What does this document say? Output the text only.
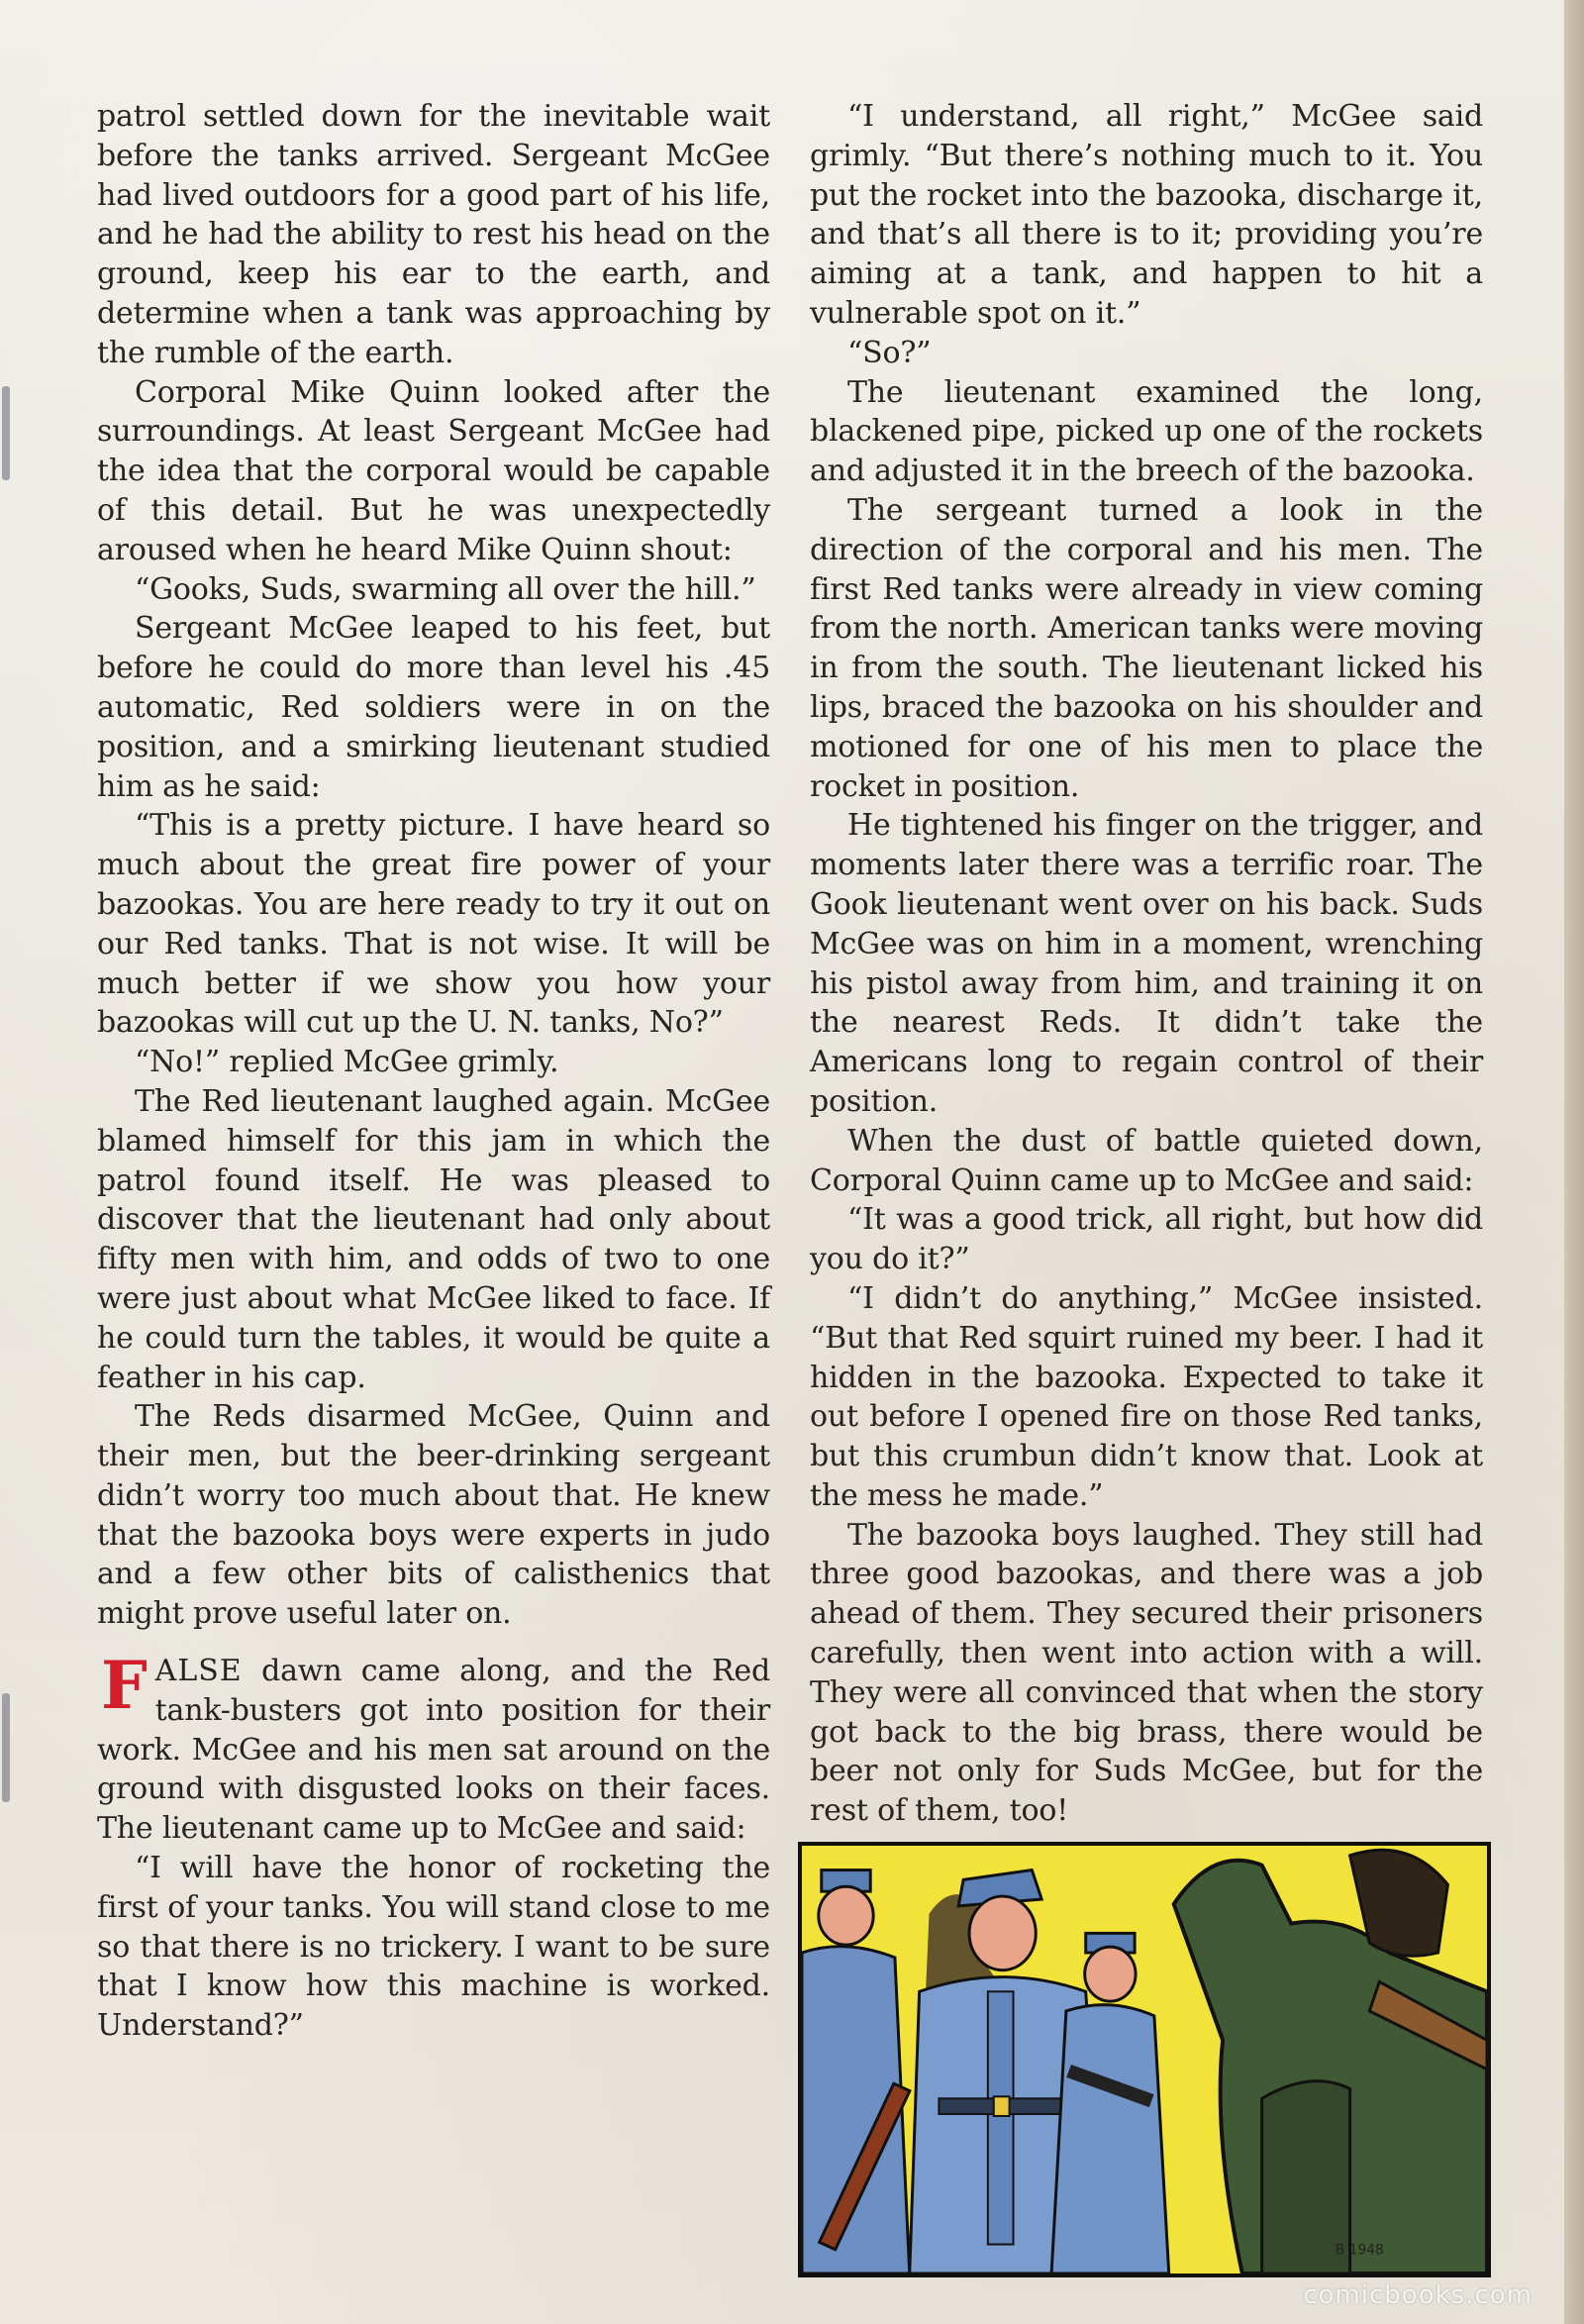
patrol settled down for the inevitable wait before the tanks arrived. Sergeant McGee had lived outdoors for a good part of his life, and he had the ability to rest his head on the ground, keep his ear to the earth, and determine when a tank was approaching by the rumble of the earth.

Corporal Mike Quinn looked after the surroundings. At least Sergeant McGee had the idea that the corporal would be capable of this detail. But he was unexpectedly aroused when he heard Mike Quinn shout:

“Gooks, Suds, swarming all over the hill.”

Sergeant McGee leaped to his feet, but before he could do more than level his .45 automatic, Red soldiers were in on the position, and a smirking lieutenant studied him as he said:

“This is a pretty picture. I have heard so much about the great fire power of your bazookas. You are here ready to try it out on our Red tanks. That is not wise. It will be much better if we show you how your bazookas will cut up the U. N. tanks, No?”

“No!” replied McGee grimly.

The Red lieutenant laughed again. McGee blamed himself for this jam in which the patrol found itself. He was pleased to discover that the lieutenant had only about fifty men with him, and odds of two to one were just about what McGee liked to face. If he could turn the tables, it would be quite a feather in his cap.

The Reds disarmed McGee, Quinn and their men, but the beer-drinking sergeant didn’t worry too much about that. He knew that the bazooka boys were experts in judo and a few other bits of calisthenics that might prove useful later on.

FALSE dawn came along, and the Red tank-busters got into position for their work. McGee and his men sat around on the ground with disgusted looks on their faces. The lieutenant came up to McGee and said:

“I will have the honor of rocketing the first of your tanks. You will stand close to me so that there is no trickery. I want to be sure that I know how this machine is worked. Understand?”

“I understand, all right,” McGee said grimly. “But there’s nothing much to it. You put the rocket into the bazooka, discharge it, and that’s all there is to it; providing you’re aiming at a tank, and happen to hit a vulnerable spot on it.”

“So?”

The lieutenant examined the long, blackened pipe, picked up one of the rockets and adjusted it in the breech of the bazooka.

The sergeant turned a look in the direction of the corporal and his men. The first Red tanks were already in view coming from the north. American tanks were moving in from the south. The lieutenant licked his lips, braced the bazooka on his shoulder and motioned for one of his men to place the rocket in position.

He tightened his finger on the trigger, and moments later there was a terrific roar. The Gook lieutenant went over on his back. Suds McGee was on him in a moment, wrenching his pistol away from him, and training it on the nearest Reds. It didn’t take the Americans long to regain control of their position.

When the dust of battle quieted down, Corporal Quinn came up to McGee and said:

“It was a good trick, all right, but how did you do it?”

“I didn’t do anything,” McGee insisted. “But that Red squirt ruined my beer. I had it hidden in the bazooka. Expected to take it out before I opened fire on those Red tanks, but this crumbun didn’t know that. Look at the mess he made.”

The bazooka boys laughed. They still had three good bazookas, and there was a job ahead of them. They secured their prisoners carefully, then went into action with a will. They were all convinced that when the story got back to the big brass, there would be beer not only for Suds McGee, but for the rest of them, too!

B 1948
comicbooks.com
